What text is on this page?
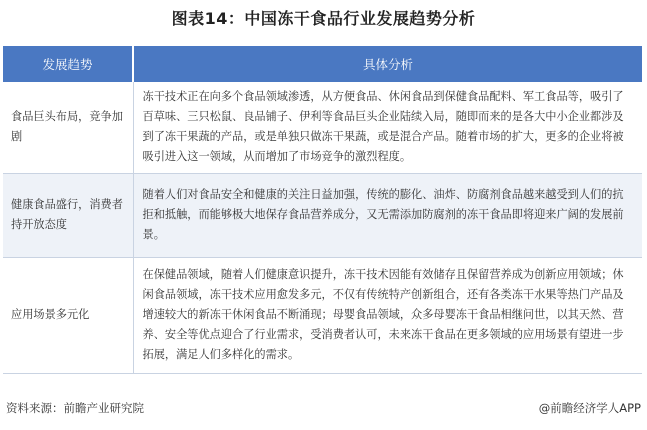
图表14：中国冻干食品行业发展趋势分析
发展趋势	具体分析
食品巨头布局，竞争加剧	冻干技术正在向多个食品领域渗透，从方便食品、休闲食品到保健食品配料、军工食品等，吸引了百草味、三只松鼠、良品铺子、伊利等食品巨头企业陆续入局，随即而来的是各大中小企业都涉及到了冻干果蔬的产品，或是单独只做冻干果蔬，或是混合产品。随着市场的扩大，更多的企业将被吸引进入这一领域，从而增加了市场竞争的激烈程度。
健康食品盛行，消费者持开放态度	随着人们对食品安全和健康的关注日益加强，传统的膨化、油炸、防腐剂食品越来越受到人们的抗拒和抵触，而能够极大地保存食品营养成分，又无需添加防腐剂的冻干食品即将迎来广阔的发展前景。
应用场景多元化	在保健品领域，随着人们健康意识提升，冻干技术因能有效储存且保留营养成为创新应用领域；休闲食品领域，冻干技术应用愈发多元，不仅有传统特产创新组合，还有各类冻干水果等热门产品及增速较大的新冻干休闲食品不断涌现；母婴食品领域，众多母婴冻干食品相继问世，以其天然、营养、安全等优点迎合了行业需求，受消费者认可，未来冻干食品在更多领域的应用场景有望进一步拓展，满足人们多样化的需求。
资料来源：前瞻产业研究院	@前瞻经济学人APP
